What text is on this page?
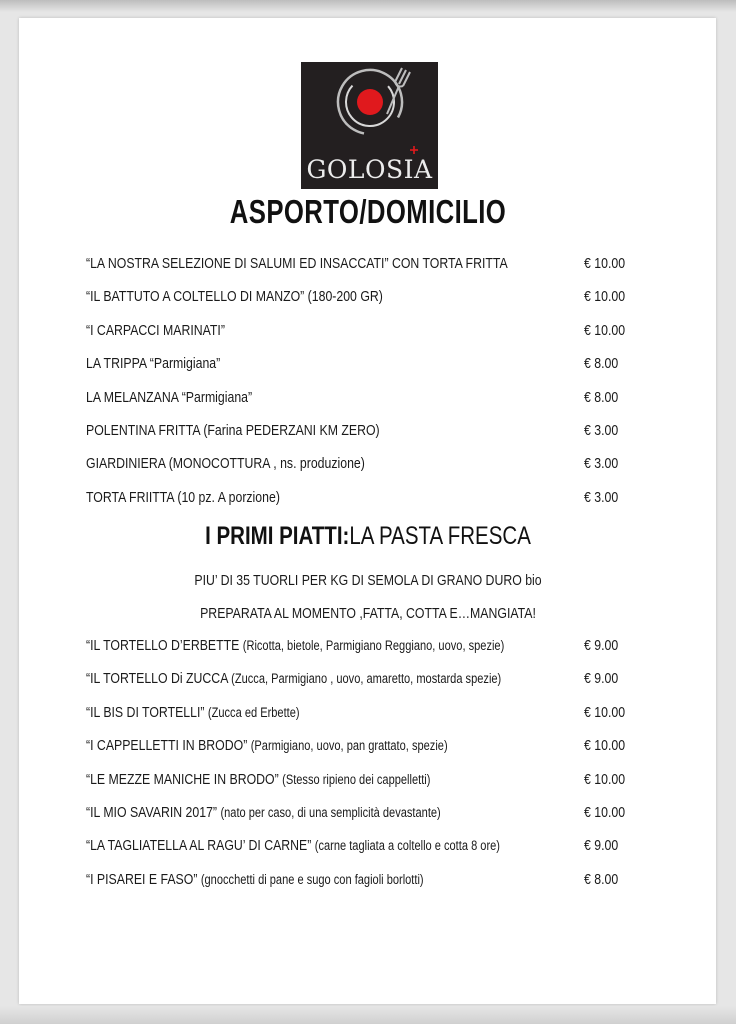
GOLOSIA
ASPORTO/DOMICILIO
“LA NOSTRA SELEZIONE DI SALUMI ED INSACCATI” CON TORTA FRITTA	€ 10.00
“IL BATTUTO A COLTELLO DI MANZO” (180-200 GR)	€ 10.00
“I CARPACCI MARINATI”	€ 10.00
LA TRIPPA “Parmigiana”	€ 8.00
LA MELANZANA “Parmigiana”	€ 8.00
POLENTINA FRITTA (Farina PEDERZANI KM ZERO)	€ 3.00
GIARDINIERA (MONOCOTTURA , ns. produzione)	€ 3.00
TORTA FRIITTA (10 pz. A porzione)	€ 3.00
I PRIMI PIATTI:LA PASTA FRESCA
PIU’ DI 35 TUORLI PER KG DI SEMOLA DI GRANO DURO bio
PREPARATA AL MOMENTO ,FATTA, COTTA E…MANGIATA!
“IL TORTELLO D’ERBETTE (Ricotta, bietole, Parmigiano Reggiano, uovo, spezie)	€ 9.00
“IL TORTELLO Di ZUCCA (Zucca, Parmigiano , uovo, amaretto, mostarda spezie)	€ 9.00
“IL BIS DI TORTELLI” (Zucca ed Erbette)	€ 10.00
“I CAPPELLETTI IN BRODO” (Parmigiano, uovo, pan grattato, spezie)	€ 10.00
“LE MEZZE MANICHE IN BRODO” (Stesso ripieno dei cappelletti)	€ 10.00
“IL MIO SAVARIN 2017” (nato per caso, di una semplicità devastante)	€ 10.00
“LA TAGLIATELLA AL RAGU’ DI CARNE” (carne tagliata a coltello e cotta 8 ore)	€ 9.00
“I PISAREI E FASO” (gnocchetti di pane e sugo con fagioli borlotti)	€ 8.00
